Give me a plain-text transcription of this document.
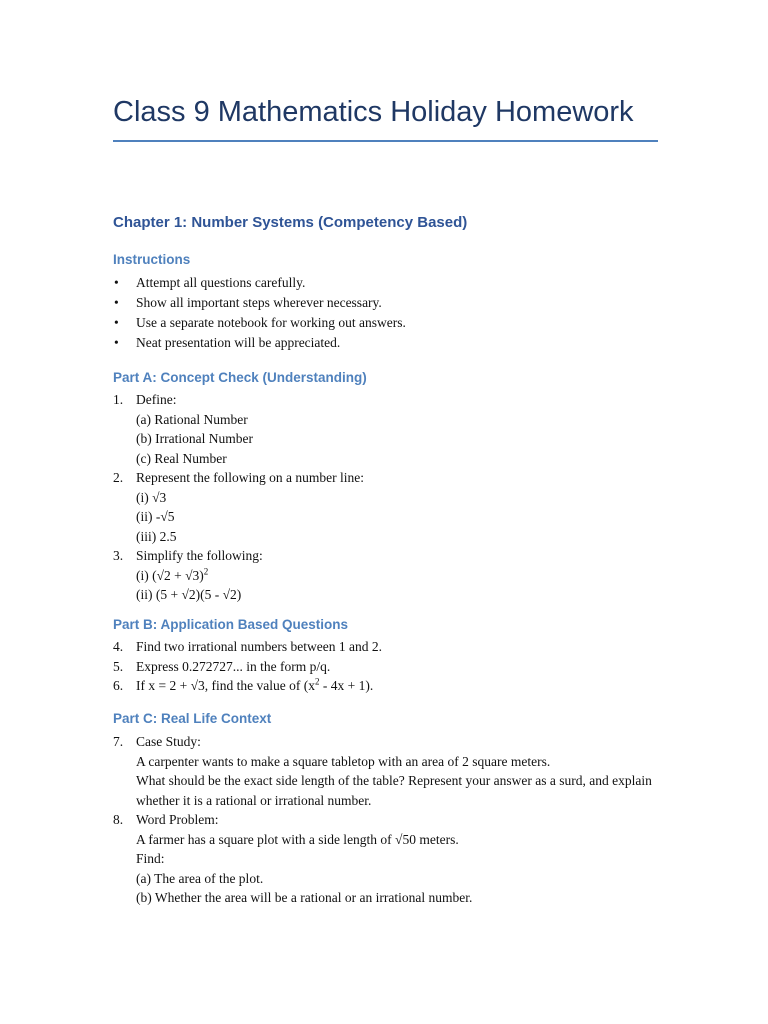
Class 9 Mathematics Holiday Homework
Chapter 1: Number Systems (Competency Based)
Instructions
• Attempt all questions carefully.
• Show all important steps wherever necessary.
• Use a separate notebook for working out answers.
• Neat presentation will be appreciated.
Part A: Concept Check (Understanding)
1. Define:
(a) Rational Number
(b) Irrational Number
(c) Real Number
2. Represent the following on a number line:
(i) √3
(ii) -√5
(iii) 2.5
3. Simplify the following:
(i) $(√2 + √3)^2$
(ii) (5 + √2)(5 - √2)
Part B: Application Based Questions
4. Find two irrational numbers between 1 and 2.
5. Express 0.272727... in the form p/q.
6. If x = 2 + √3, find the value of $(x^2 - 4x + 1)$.
Part C: Real Life Context
7. Case Study:
A carpenter wants to make a square tabletop with an area of 2 square meters.
What should be the exact side length of the table? Represent your answer as a surd, and explain whether it is a rational or irrational number.
8. Word Problem:
A farmer has a square plot with a side length of √50 meters.
Find:
(a) The area of the plot.
(b) Whether the area will be a rational or an irrational number.
